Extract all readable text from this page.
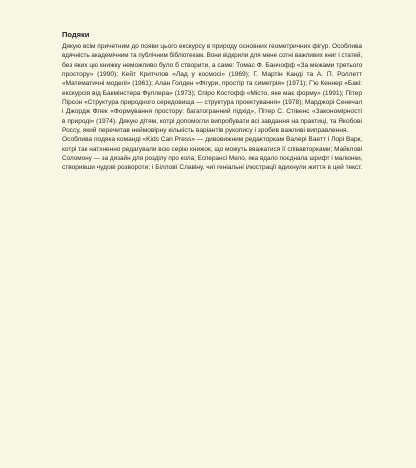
Подяки
Дякую всім причетним до появи цього екскурсу в природу основних геометричних фігур. Особлива
вдячність академічним та публічним бібліотекам. Вони відкрили для мене сотні важливих книг і статей,
без яких цю книжку неможливо було б створити, а саме: Томас Ф. Банчофф «За межами третього
простору» (1990); Кейт Критчлов «Лад у космосі» (1969); Г. Мартін Канді та А. П. Роллетт
«Математичні моделі» (1961); Алан Голден «Фігури, простір та симетрія» (1971); Г'ю Кеннер «Бакі:
екскурсія від Бакмінстера Фуллера» (1973); Спіро Костофф «Місто, яке має форму» (1991); Пітер
Пірсон «Структура природного середовища — структура проектування» (1978); Марджорі Сенечал
і Джордж Флек «Формування простору: багатогранний підхід», Пітер С. Стівенс «Закономірності
в природі» (1974). Дякую дітям, котрі допомогли випробувати всі завдання на практиці, та Якобові
Россу, який перечитав неймовірну кількість варіантів рукопису і зробив важливі виправлення.
Особлива подяка команді «Kids Can Press» — дивовижним редакторкам Валері Ваетт і Лорі Варк,
котрі так натхненно редагували всю серію книжок, що можуть вважатися її співавторками; Майклові
Соломону — за дизайн для розділу про кола; Есперансі Мело, яка вдало поєднала шрифт і малюнки,
створивши чудові розвороти; і Білловї Славіну, чиї геніальні ілюстрації вдихнули життя в цей текст.
